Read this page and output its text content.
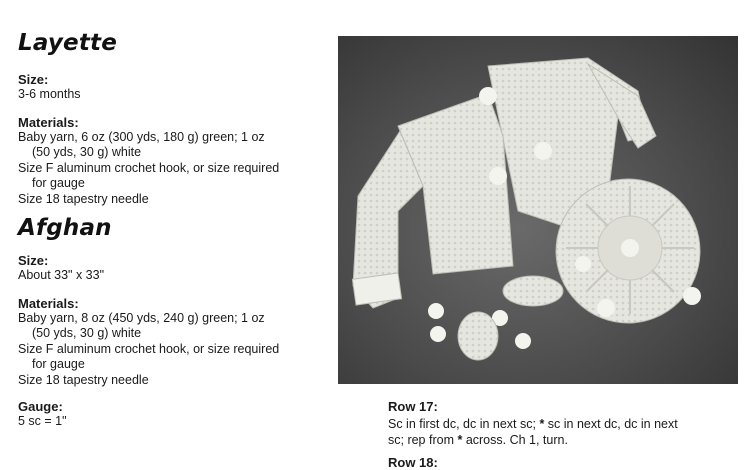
Layette

Size:

3-6 months

Materials:

Baby yarn, 6 oz (300 yds, 180 g) green; 1 oz

(50 yds, 30 g) white

Size F aluminum crochet hook, or size required

for gauge

Size 18 tapestry needle

Afghan

Size:

About 33" x 33"

Materials:

Baby yarn, 8 oz (450 yds, 240 g) green; 1 oz

(50 yds, 30 g) white

Size F aluminum crochet hook, or size required

for gauge

Size 18 tapestry needle

Gauge:

5 sc = 1"

Row 17:

Sc in first dc, dc in next sc; * sc in next dc, dc in next
sc; rep from * across. Ch 1, turn.

Row 18:
